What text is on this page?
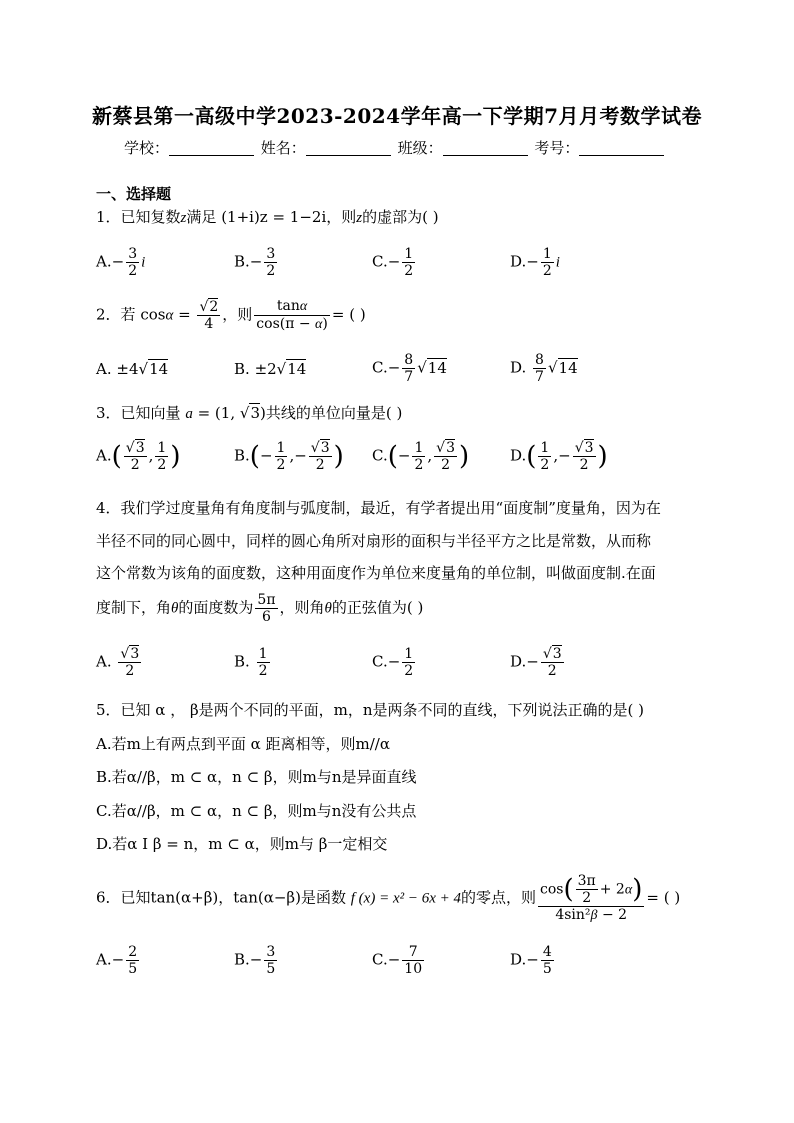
新蔡县第一高级中学2023-2024学年高一下学期7月月考数学试卷
学校：	姓名：	班级：	考号：
一、选择题
1．已知复数z满足 (1+i)z = 1−2i，则z的虚部为( )
$A.- \frac{3}{2}$ i	$B.- \frac{3}{2}$	$C.- \frac{1}{2}$	$D.- \frac{1}{2}$ i
2．若 $\cos\alpha = \frac{√2}{4}$ ，则 $\frac{\tan\alpha}{\cos(\pi - \alpha)}$ = ( )
A. ±4√14	B. ±2√14	$C.- \frac{8}{7} √14$	D. $\frac{8}{7} √14$
3．已知向量 a = (1, √3)共线的单位向量是( )
$A.( \frac{√3}{2}$ , $\frac{1}{2}$ )	$B.(- \frac{1}{2}$ ,− $\frac{√3}{2}$ ) $C.(- \frac{1}{2}$ , $\frac{√3}{2}$ )	$D.( \frac{1}{2}$ ,− $\frac{√3}{2}$ )
4．我们学过度量角有角度制与弧度制，最近，有学者提出用“面度制”度量角，因为在
半径不同的同心圆中，同样的圆心角所对扇形的面积与半径平方之比是常数，从而称
这个常数为该角的面度数，这种用面度作为单位来度量角的单位制，叫做面度制.在面
度制下，角θ的面度数为 $\frac{5\pi}{6}$ ，则角θ的正弦值为( )
A. $\frac{√3}{2}$	B. $\frac{1}{2}$	$C.- \frac{1}{2}$	$D.- \frac{√3}{2}$
5．已知 α ， β是两个不同的平面，m，n是两条不同的直线，下列说法正确的是( )
A.若m上有两点到平面 α 距离相等，则m//α
B.若α//β，m ⊂ α，n ⊂ β，则m与n是异面直线
C.若α//β，m ⊂ α，n ⊂ β，则m与n没有公共点
D.若α I β = n，m ⊂ α，则m与 β一定相交
6．已知tan(α+β)，tan(α−β)是函数 f (x) = x² − 6x + 4的零点，则 $\frac{\cos( \frac{3\pi}{2} + 2\alpha)}{\text{4sin²β − 2}}$ = ( )
$A.- \frac{2}{5}$	$B.- \frac{3}{5}$	$C.- \frac{7}{10}$	$D.- \frac{4}{5}$
